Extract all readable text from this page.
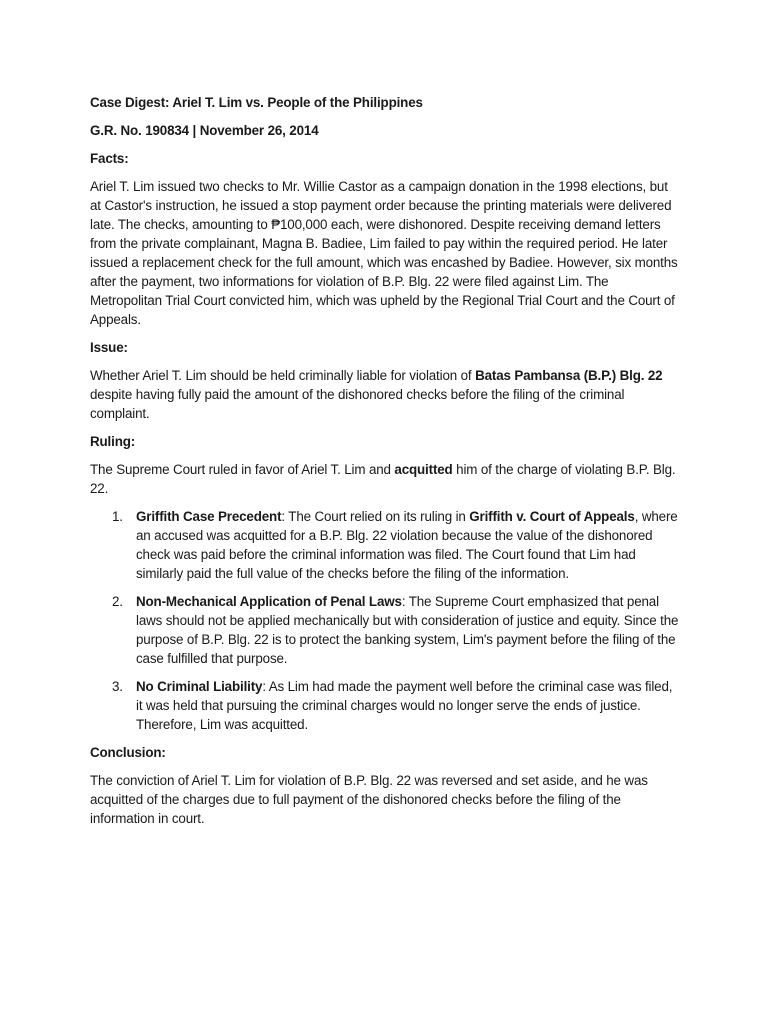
Case Digest: Ariel T. Lim vs. People of the Philippines

G.R. No. 190834 | November 26, 2014

Facts:

Ariel T. Lim issued two checks to Mr. Willie Castor as a campaign donation in the 1998 elections, but at Castor's instruction, he issued a stop payment order because the printing materials were delivered late. The checks, amounting to ₱100,000 each, were dishonored. Despite receiving demand letters from the private complainant, Magna B. Badiee, Lim failed to pay within the required period. He later issued a replacement check for the full amount, which was encashed by Badiee. However, six months after the payment, two informations for violation of B.P. Blg. 22 were filed against Lim. The Metropolitan Trial Court convicted him, which was upheld by the Regional Trial Court and the Court of Appeals.

Issue:

Whether Ariel T. Lim should be held criminally liable for violation of Batas Pambansa (B.P.) Blg. 22 despite having fully paid the amount of the dishonored checks before the filing of the criminal complaint.

Ruling:

The Supreme Court ruled in favor of Ariel T. Lim and acquitted him of the charge of violating B.P. Blg. 22.

1. Griffith Case Precedent: The Court relied on its ruling in Griffith v. Court of Appeals, where an accused was acquitted for a B.P. Blg. 22 violation because the value of the dishonored check was paid before the criminal information was filed. The Court found that Lim had similarly paid the full value of the checks before the filing of the information.
2. Non-Mechanical Application of Penal Laws: The Supreme Court emphasized that penal laws should not be applied mechanically but with consideration of justice and equity. Since the purpose of B.P. Blg. 22 is to protect the banking system, Lim's payment before the filing of the case fulfilled that purpose.
3. No Criminal Liability: As Lim had made the payment well before the criminal case was filed, it was held that pursuing the criminal charges would no longer serve the ends of justice. Therefore, Lim was acquitted.

Conclusion:

The conviction of Ariel T. Lim for violation of B.P. Blg. 22 was reversed and set aside, and he was acquitted of the charges due to full payment of the dishonored checks before the filing of the information in court.
